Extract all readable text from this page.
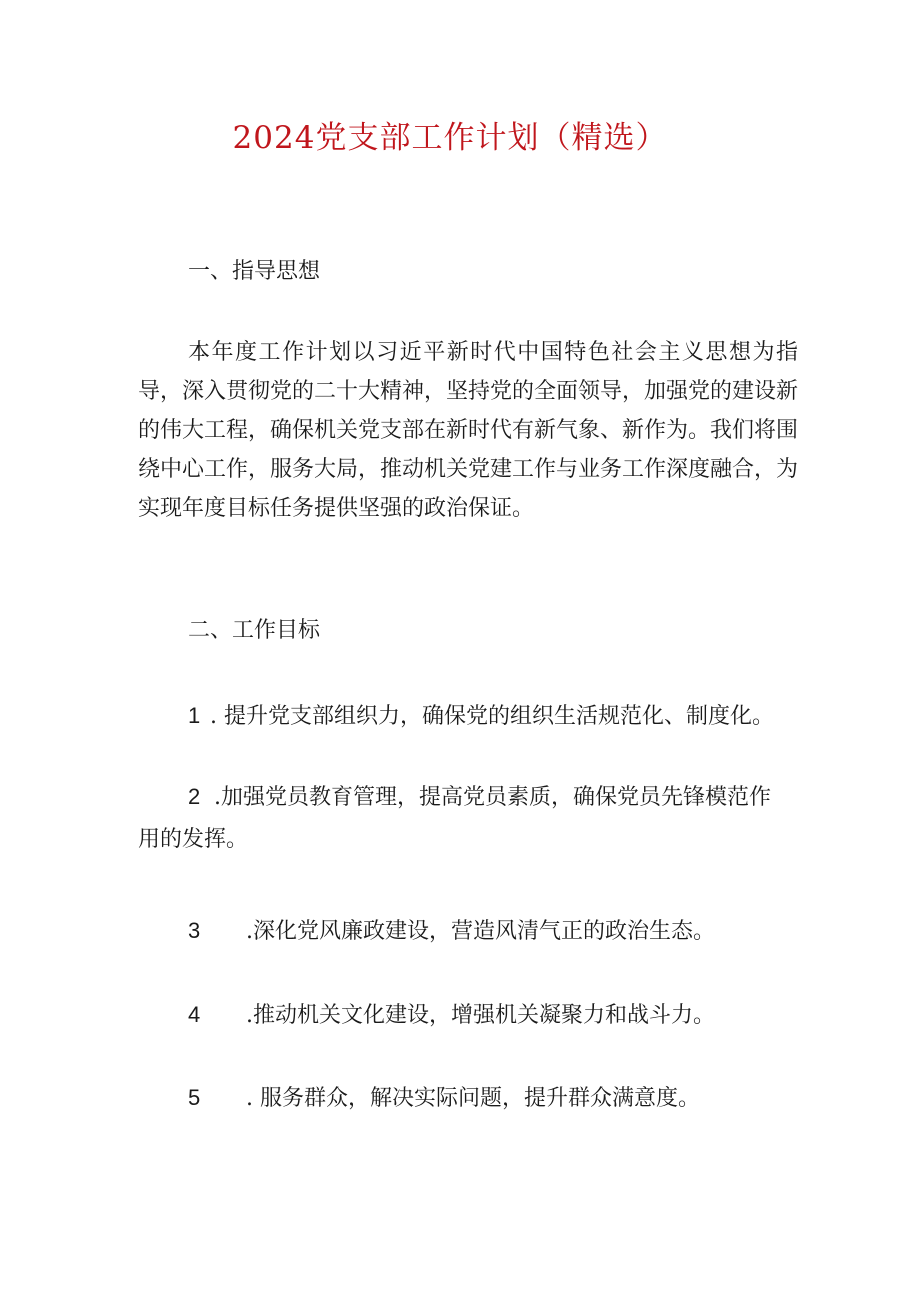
2024党支部工作计划（精选）
一、指导思想
本年度工作计划以习近平新时代中国特色社会主义思想为指导，深入贯彻党的二十大精神，坚持党的全面领导，加强党的建设新的伟大工程，确保机关党支部在新时代有新气象、新作为。我们将围绕中心工作，服务大局，推动机关党建工作与业务工作深度融合，为实现年度目标任务提供坚强的政治保证。
二、工作目标
1 . 提升党支部组织力，确保党的组织生活规范化、制度化。
2 .加强党员教育管理，提高党员素质，确保党员先锋模范作用的发挥。
3 .深化党风廉政建设，营造风清气正的政治生态。
4 .推动机关文化建设，增强机关凝聚力和战斗力。
5 . 服务群众，解决实际问题，提升群众满意度。
